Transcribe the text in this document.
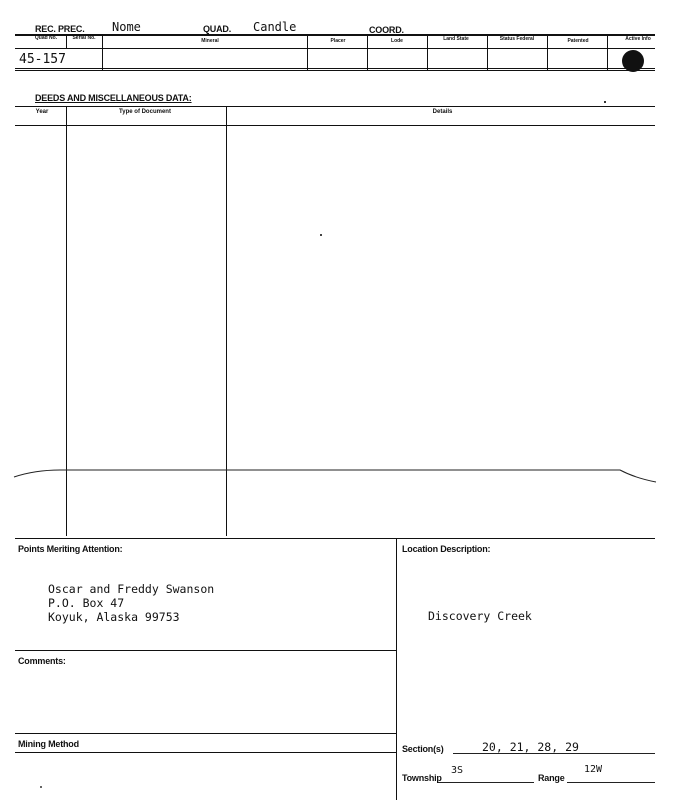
REC. PREC. Nome	QUAD. Candle	COORD.
Quad No.	Serial No.	Mineral	Placer	Lode	Land State	Status Federal	Patented	Active Info
45-157
DEEDS AND MISCELLANEOUS DATA:
Year	Type of Document	Details
Points Meriting Attention:
Oscar and Freddy Swanson
P.O. Box 47
Koyuk, Alaska 99753
Comments:
Mining Method
Location Description:
Discovery Creek
Section(s)	20, 21, 28, 29
Township
3S
Range
12W
